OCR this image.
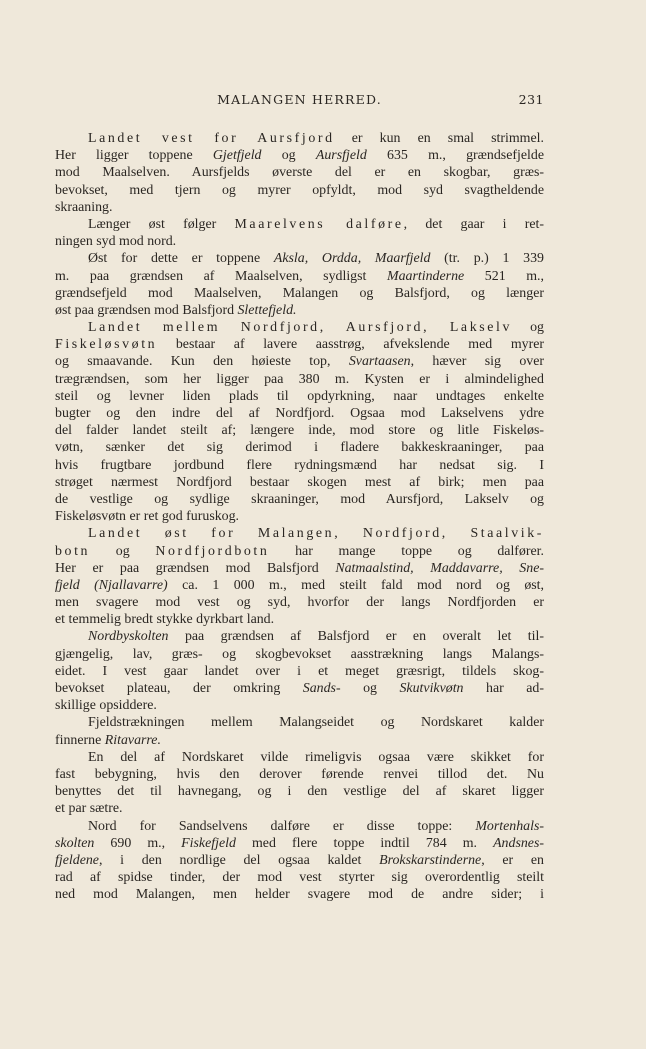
MALANGEN HERRED.	231
Landet vest for Aursfjord er kun en smal strimmel.
Her ligger toppene Gjetfjeld og Aursfjeld 635 m., grændsefjelde
mod Maalselven. Aursfjelds øverste del er en skogbar, græs-
bevokset, med tjern og myrer opfyldt, mod syd svagtheldende
skraaning.
Længer øst følger Maarelvens dalføre, det gaar i ret-
ningen syd mod nord.
Øst for dette er toppene Aksla, Ordda, Maarfjeld (tr. p.) 1 339
m. paa grændsen af Maalselven, sydligst Maartinderne 521 m.,
grændsefjeld mod Maalselven, Malangen og Balsfjord, og længer
øst paa grændsen mod Balsfjord Slettefjeld.
Landet mellem Nordfjord, Aursfjord, Lakselv og
Fiskeløsvøtn bestaar af lavere aasstrøg, afvekslende med myrer
og smaavande. Kun den høieste top, Svartaasen, hæver sig over
trægrændsen, som her ligger paa 380 m. Kysten er i almindelighed
steil og levner liden plads til opdyrkning, naar undtages enkelte
bugter og den indre del af Nordfjord. Ogsaa mod Lakselvens ydre
del falder landet steilt af; længere inde, mod store og litle Fiskeløs-
vøtn, sænker det sig derimod i fladere bakkeskraaninger, paa
hvis frugtbare jordbund flere rydningsmænd har nedsat sig. I
strøget nærmest Nordfjord bestaar skogen mest af birk; men paa
de vestlige og sydlige skraaninger, mod Aursfjord, Lakselv og
Fiskeløsvøtn er ret god furuskog.
Landet øst for Malangen, Nordfjord, Staalvik-
botn og Nordfjordbotn har mange toppe og dalfører.
Her er paa grændsen mod Balsfjord Natmaalstind, Maddavarre, Sne-
fjeld (Njallavarre) ca. 1 000 m., med steilt fald mod nord og øst,
men svagere mod vest og syd, hvorfor der langs Nordfjorden er
et temmelig bredt stykke dyrkbart land.
Nordbyskolten paa grændsen af Balsfjord er en overalt let til-
gjængelig, lav, græs- og skogbevokset aasstrækning langs Malangs-
eidet. I vest gaar landet over i et meget græsrigt, tildels skog-
bevokset plateau, der omkring Sands- og Skutvikvøtn har ad-
skillige opsiddere.
Fjeldstrækningen mellem Malangseidet og Nordskaret kalder
finnerne Ritavarre.
En del af Nordskaret vilde rimeligvis ogsaa være skikket for
fast bebygning, hvis den derover førende renvei tillod det. Nu
benyttes det til havnegang, og i den vestlige del af skaret ligger
et par sætre.
Nord for Sandselvens dalføre er disse toppe: Mortenhals-
skolten 690 m., Fiskefjeld med flere toppe indtil 784 m. Andsnes-
fjeldene, i den nordlige del ogsaa kaldet Brokskarstinderne, er en
rad af spidse tinder, der mod vest styrter sig overordentlig steilt
ned mod Malangen, men helder svagere mod de andre sider; i
